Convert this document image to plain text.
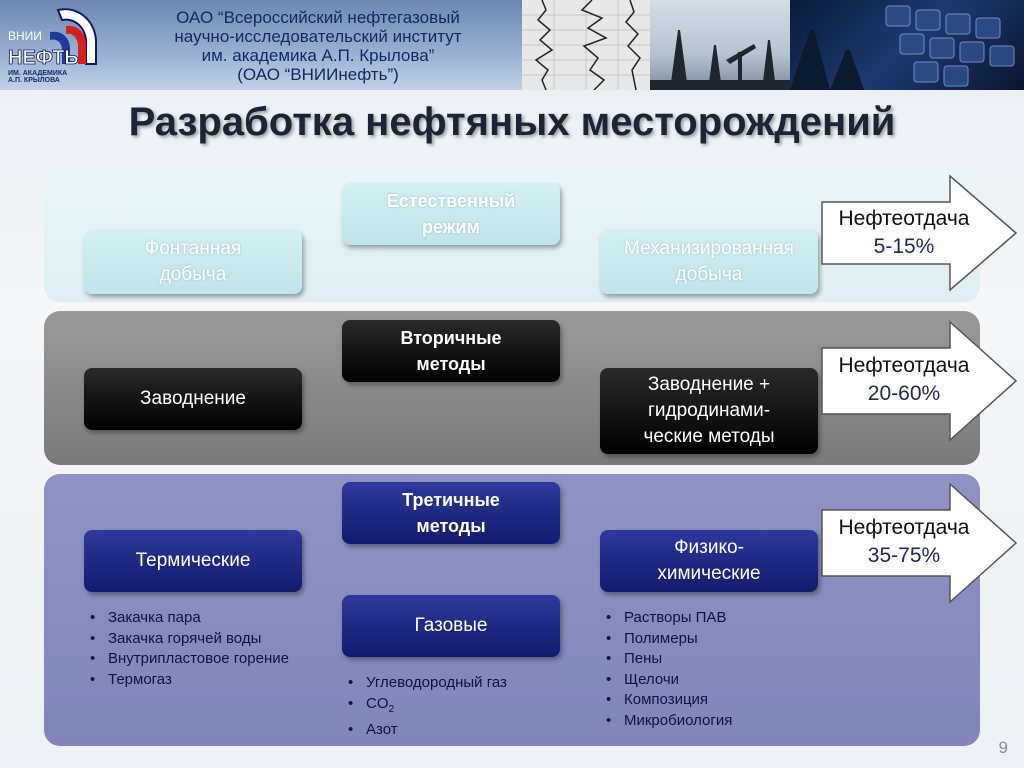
ВНИИ
НЕФТЬ
ИМ. АКАДЕМИКА
А.П. КРЫЛОВА
ОАО “Всероссийский нефтегазовый
научно-исследовательский институт
им. академика А.П. Крылова”
(ОАО “ВНИИнефть”)
Разработка нефтяных месторождений
Естественный
режим
Фонтанная
добыча
Механизированная
добыча
Вторичные
методы
Заводнение
Заводнение +
гидродинами-
ческие методы
Третичные
методы
Термические
Газовые
Физико-
химические
• Закачка пара
• Закачка горячей воды
• Внутрипластовое горение
• Термогаз
•	Углеводородный газ
• $CO_2$
• Азот
• Растворы ПАВ
• Полимеры
• Пены
• Щелочи
• Композиция
• Микробиология
Нефтеотдача
5-15%
Нефтеотдача
20-60%
Нефтеотдача
35-75%
9
